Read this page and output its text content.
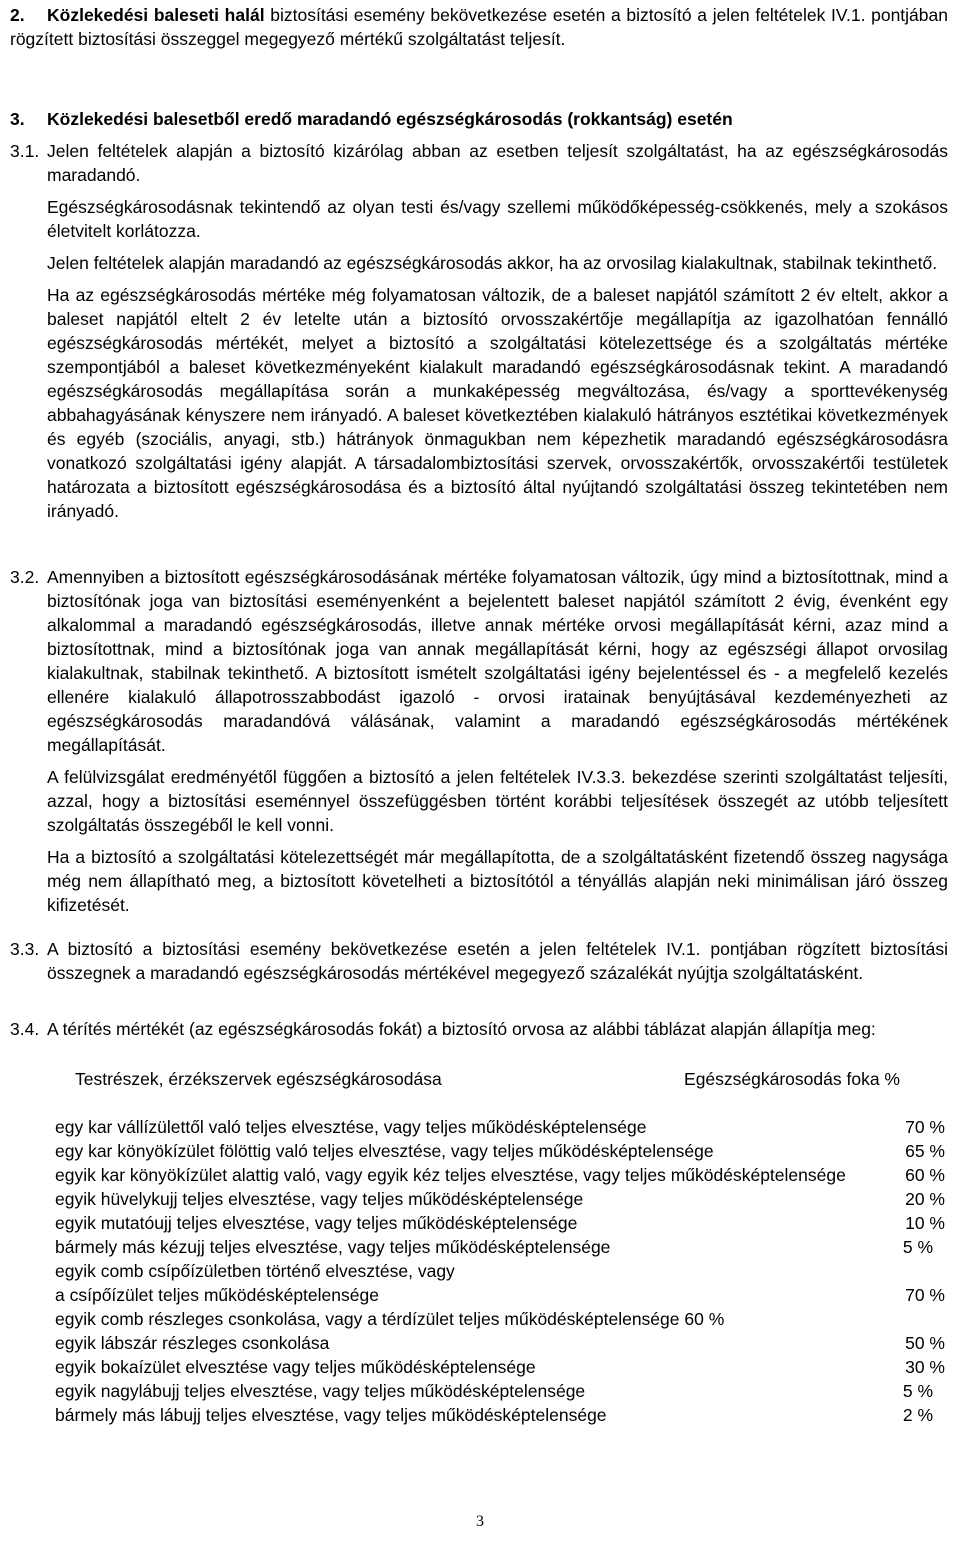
2.	Közlekedési baleseti halál biztosítási esemény bekövetkezése esetén a biztosító a jelen feltételek IV.1. pontjában rögzített biztosítási összeggel megegyező mértékű szolgáltatást teljesít.
3. Közlekedési balesetből eredő maradandó egészségkárosodás (rokkantság) esetén
3.1. Jelen feltételek alapján a biztosító kizárólag abban az esetben teljesít szolgáltatást, ha az egészségkárosodás maradandó.

Egészségkárosodásnak tekintendő az olyan testi és/vagy szellemi működőképesség-csökkenés, mely a szokásos életvitelt korlátozza.

Jelen feltételek alapján maradandó az egészségkárosodás akkor, ha az orvosilag kialakultnak, stabilnak tekinthető.

Ha az egészségkárosodás mértéke még folyamatosan változik, de a baleset napjától számított 2 év eltelt, akkor a baleset napjától eltelt 2 év letelte után a biztosító orvosszakértője megállapítja az igazolhatóan fennálló egészségkárosodás mértékét, melyet a biztosító a szolgáltatási kötelezettsége és a szolgáltatás mértéke szempontjából a baleset következményeként kialakult maradandó egészségkárosodásnak tekint. A maradandó egészségkárosodás megállapítása során a munkaképesség megváltozása, és/vagy a sporttevékenység abbahagyásának kényszere nem irányadó. A baleset következtében kialakuló hátrányos esztétikai következmények és egyéb (szociális, anyagi, stb.) hátrányok önmagukban nem képezhetik maradandó egészségkárosodásra vonatkozó szolgáltatási igény alapját. A társadalombiztosítási szervek, orvosszakértők, orvosszakértői testületek határozata a biztosított egészségkárosodása és a biztosító által nyújtandó szolgáltatási összeg tekintetében nem irányadó.

3.2. Amennyiben a biztosított egészségkárosodásának mértéke folyamatosan változik, úgy mind a biztosítottnak, mind a biztosítónak joga van biztosítási eseményenként a bejelentett baleset napjától számított 2 évig, évenként egy alkalommal a maradandó egészségkárosodás, illetve annak mértéke orvosi megállapítását kérni, azaz mind a biztosítottnak, mind a biztosítónak joga van annak megállapítását kérni, hogy az egészségi állapot orvosilag kialakultnak, stabilnak tekinthető. A biztosított ismételt szolgáltatási igény bejelentéssel és - a megfelelő kezelés ellenére kialakuló állapotrosszabbodást igazoló - orvosi iratainak benyújtásával kezdeményezheti az egészségkárosodás maradandóvá válásának, valamint a maradandó egészségkárosodás mértékének megállapítását.

A felülvizsgálat eredményétől függően a biztosító a jelen feltételek IV.3.3. bekezdése szerinti szolgáltatást teljesíti, azzal, hogy a biztosítási eseménnyel összefüggésben történt korábbi teljesítések összegét az utóbb teljesített szolgáltatás összegéből le kell vonni.

Ha a biztosító a szolgáltatási kötelezettségét már megállapította, de a szolgáltatásként fizetendő összeg nagysága még nem állapítható meg, a biztosított követelheti a biztosítótól a tényállás alapján neki minimálisan járó összeg kifizetését.

3.3. A biztosító a biztosítási esemény bekövetkezése esetén a jelen feltételek IV.1. pontjában rögzített biztosítási összegnek a maradandó egészségkárosodás mértékével megegyező százalékát nyújtja szolgáltatásként.
3.4. A térítés mértékét (az egészségkárosodás fokát) a biztosító orvosa az alábbi táblázat alapján állapítja meg:
Testrészek, érzékszervek egészségkárosodása	Egészségkárosodás foka %
egy kar vállízülettől való teljes elvesztése, vagy teljes működésképtelensége	70 %
egy kar könyökízület fölöttig való teljes elvesztése, vagy teljes működésképtelensége	65 %
egyik kar könyökízület alattig való, vagy egyik kéz teljes elvesztése, vagy teljes működésképtelensége	60 %
egyik hüvelykujj teljes elvesztése, vagy teljes működésképtelensége	20 %
egyik mutatóujj teljes elvesztése, vagy teljes működésképtelensége	10 %
bármely más kézujj teljes elvesztése, vagy teljes működésképtelensége	5 %
egyik comb csípőízületben történő elvesztése, vagy
a csípőízület teljes működésképtelensége	70 %
egyik comb részleges csonkolása, vagy a térdízület teljes működésképtelensége 60 %
egyik lábszár részleges csonkolása	50 %
egyik bokaízület elvesztése vagy teljes működésképtelensége	30 %
egyik nagylábujj teljes elvesztése, vagy teljes működésképtelensége	5 %
bármely más lábujj teljes elvesztése, vagy teljes működésképtelensége	2 %
3
